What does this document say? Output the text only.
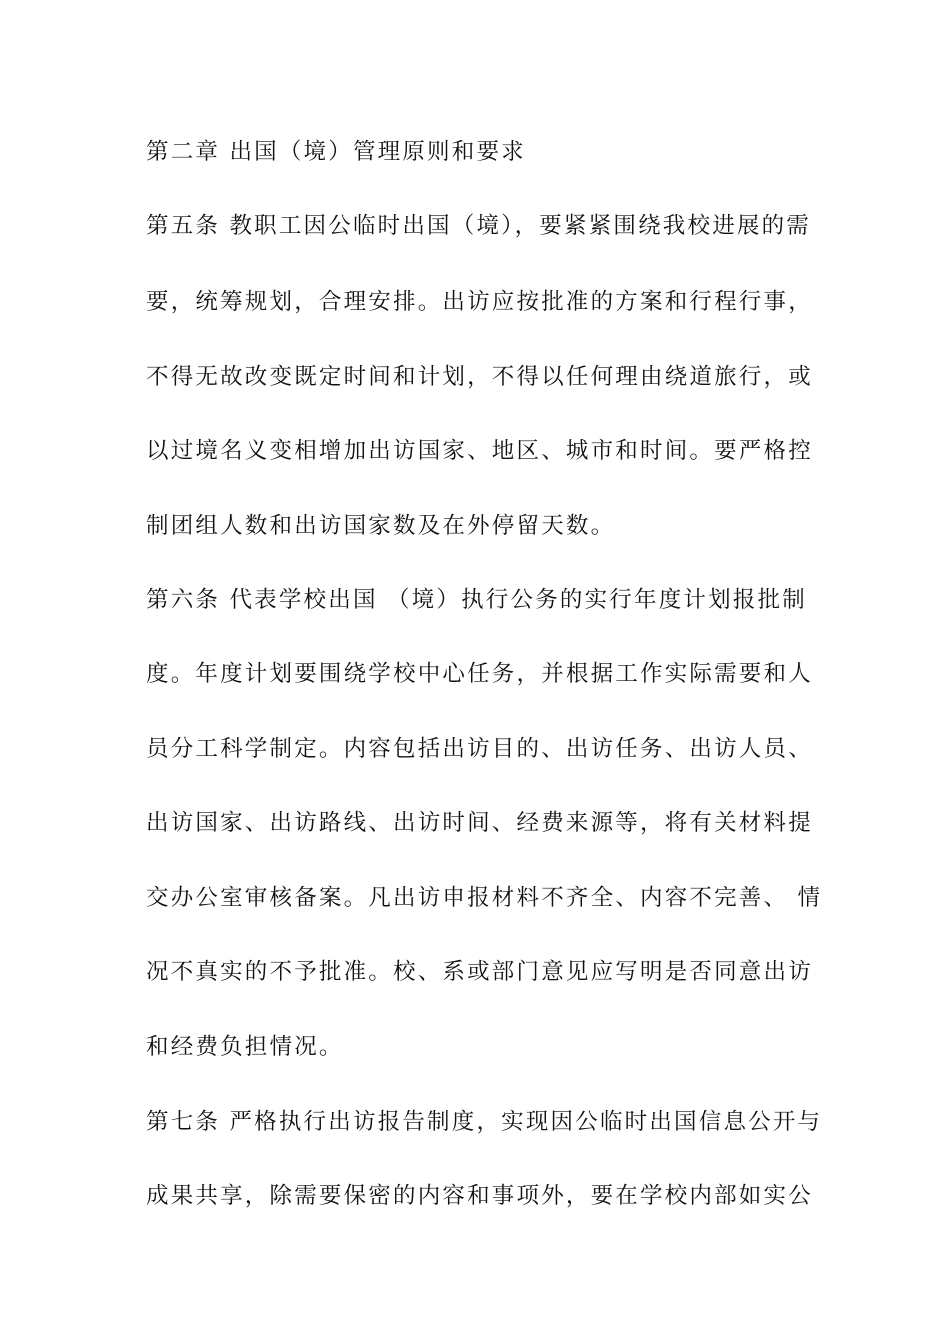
第二章 出国（境）管理原则和要求
第五条 教职工因公临时出国（境），要紧紧围绕我校进展的需
要，统筹规划，合理安排。出访应按批准的方案和行程行事，
不得无故改变既定时间和计划，不得以任何理由绕道旅行，或
以过境名义变相增加出访国家、地区、城市和时间。要严格控
制团组人数和出访国家数及在外停留天数。
第六条 代表学校出国 （境）执行公务的实行年度计划报批制
度。年度计划要围绕学校中心任务，并根据工作实际需要和人
员分工科学制定。内容包括出访目的、出访任务、出访人员、
出访国家、出访路线、出访时间、经费来源等，将有关材料提
交办公室审核备案。凡出访申报材料不齐全、内容不完善、 情
况不真实的不予批准。校、系或部门意见应写明是否同意出访
和经费负担情况。
第七条 严格执行出访报告制度，实现因公临时出国信息公开与
成果共享，除需要保密的内容和事项外，要在学校内部如实公
